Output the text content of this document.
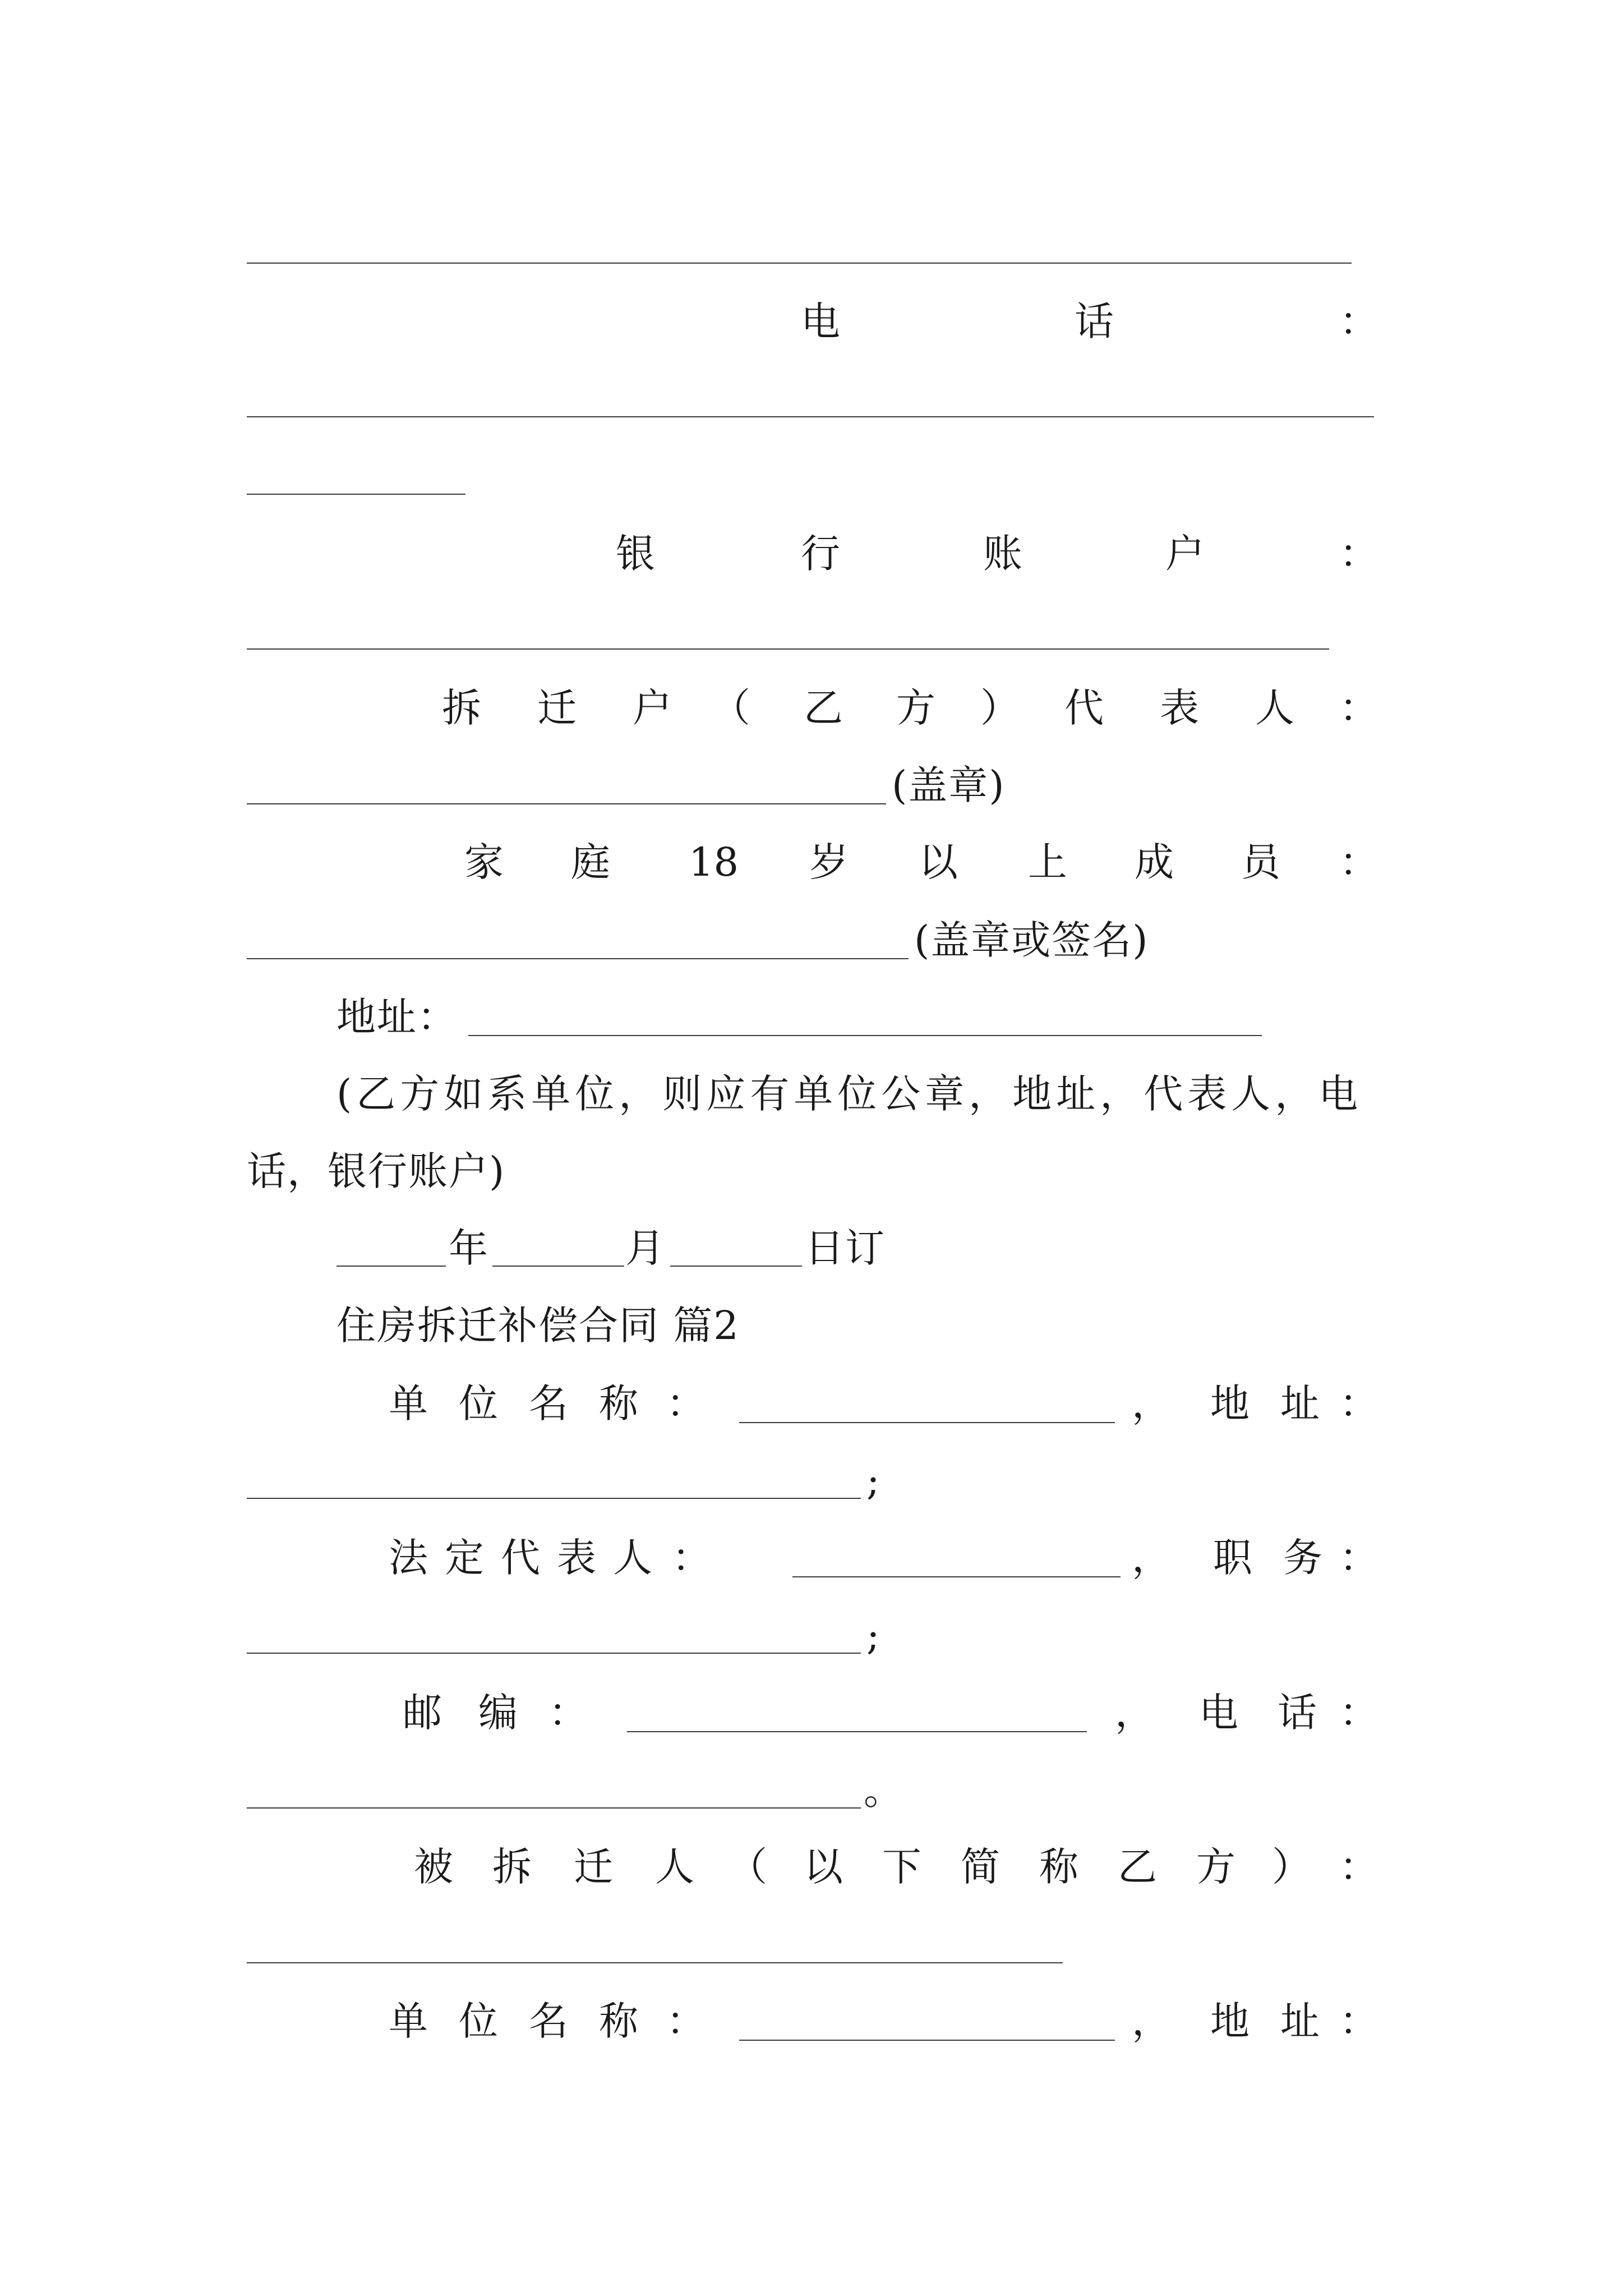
电	话	：
银	行	账	户	：
拆 迁 户 （ 乙 方 ） 代 表 人 ：
(盖章)
家 庭 18 岁 以 上 成 员 ：
(盖章或签名)
地址：
(乙方如系单位，则应有单位公章，地址，代表人，电
话，银行账户)
年	月	日订
住房拆迁补偿合同 篇2
单 位 名 称 ：	， 地 址 ：
;
法 定 代 表 人 ：	， 职 务 ：
;
邮 编 ：	， 电 话 ：
。
被 拆 迁 人 （ 以 下 简 称 乙 方 ） ：
单 位 名 称 ：	， 地 址 ：
